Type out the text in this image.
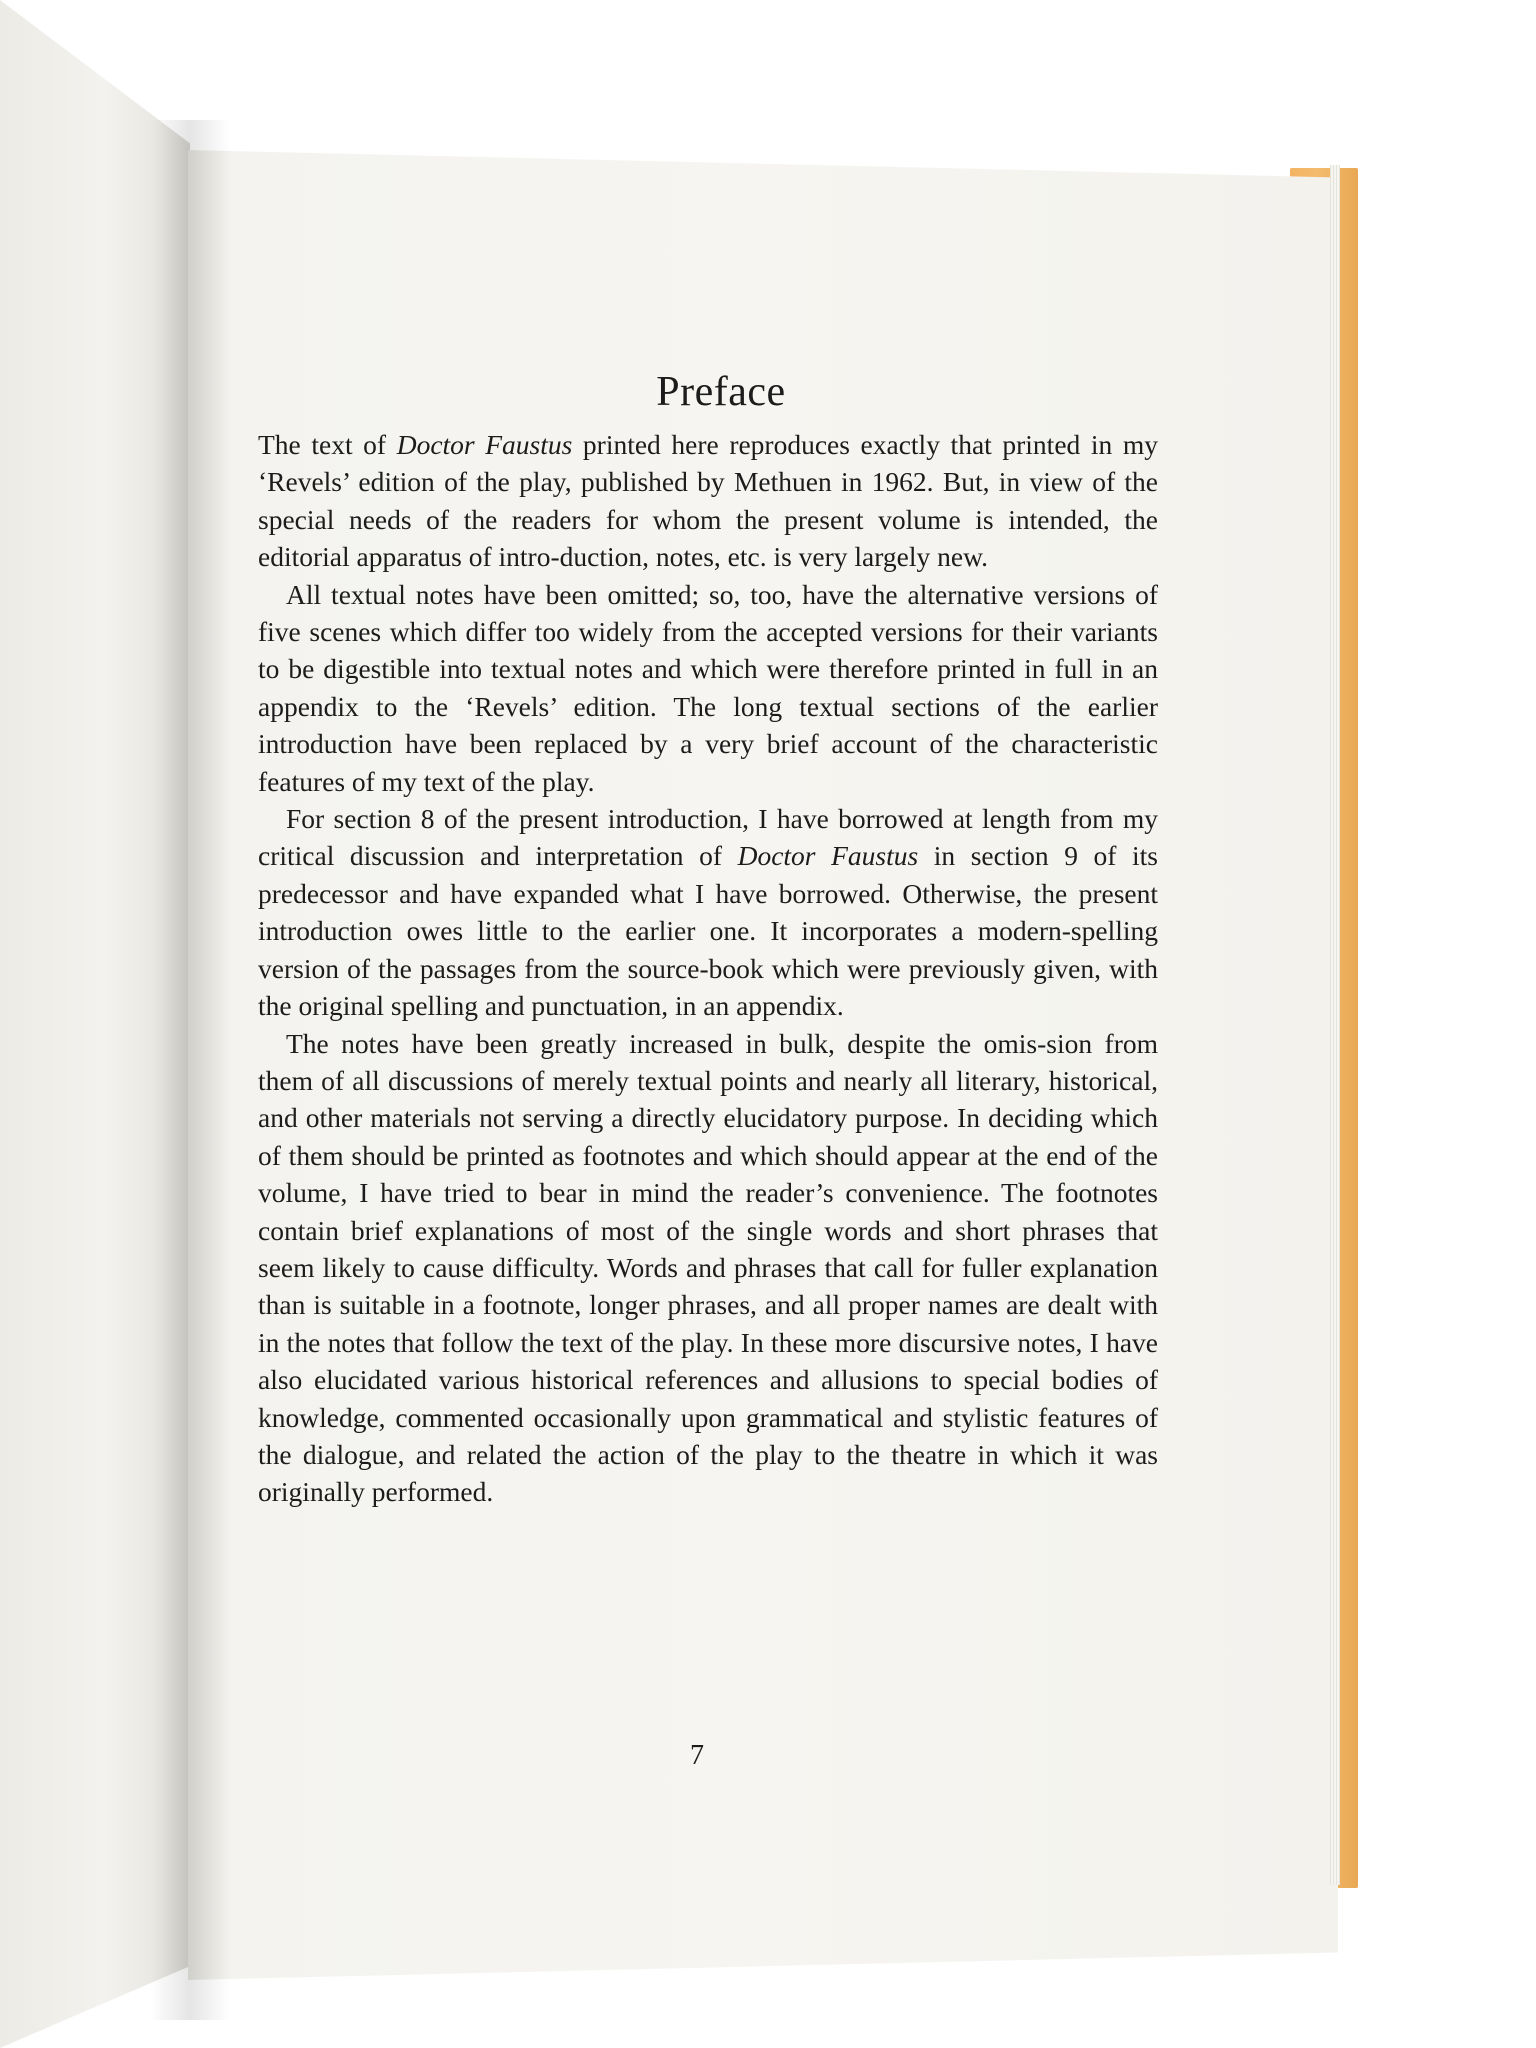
Preface

The text of Doctor Faustus printed here reproduces exactly that printed in my ‘Revels’ edition of the play, published by Methuen in 1962. But, in view of the special needs of the readers for whom the present volume is intended, the editorial apparatus of intro-duction, notes, etc. is very largely new.

All textual notes have been omitted; so, too, have the alternative versions of five scenes which differ too widely from the accepted versions for their variants to be digestible into textual notes and which were therefore printed in full in an appendix to the ‘Revels’ edition. The long textual sections of the earlier introduction have been replaced by a very brief account of the characteristic features of my text of the play.

For section 8 of the present introduction, I have borrowed at length from my critical discussion and interpretation of Doctor Faustus in section 9 of its predecessor and have expanded what I have borrowed. Otherwise, the present introduction owes little to the earlier one. It incorporates a modern-spelling version of the passages from the source-book which were previously given, with the original spelling and punctuation, in an appendix.

The notes have been greatly increased in bulk, despite the omis-sion from them of all discussions of merely textual points and nearly all literary, historical, and other materials not serving a directly elucidatory purpose. In deciding which of them should be printed as footnotes and which should appear at the end of the volume, I have tried to bear in mind the reader’s convenience. The footnotes contain brief explanations of most of the single words and short phrases that seem likely to cause difficulty. Words and phrases that call for fuller explanation than is suitable in a footnote, longer phrases, and all proper names are dealt with in the notes that follow the text of the play. In these more discursive notes, I have also elucidated various historical references and allusions to special bodies of knowledge, commented occasionally upon grammatical and stylistic features of the dialogue, and related the action of the play to the theatre in which it was originally performed.

7
